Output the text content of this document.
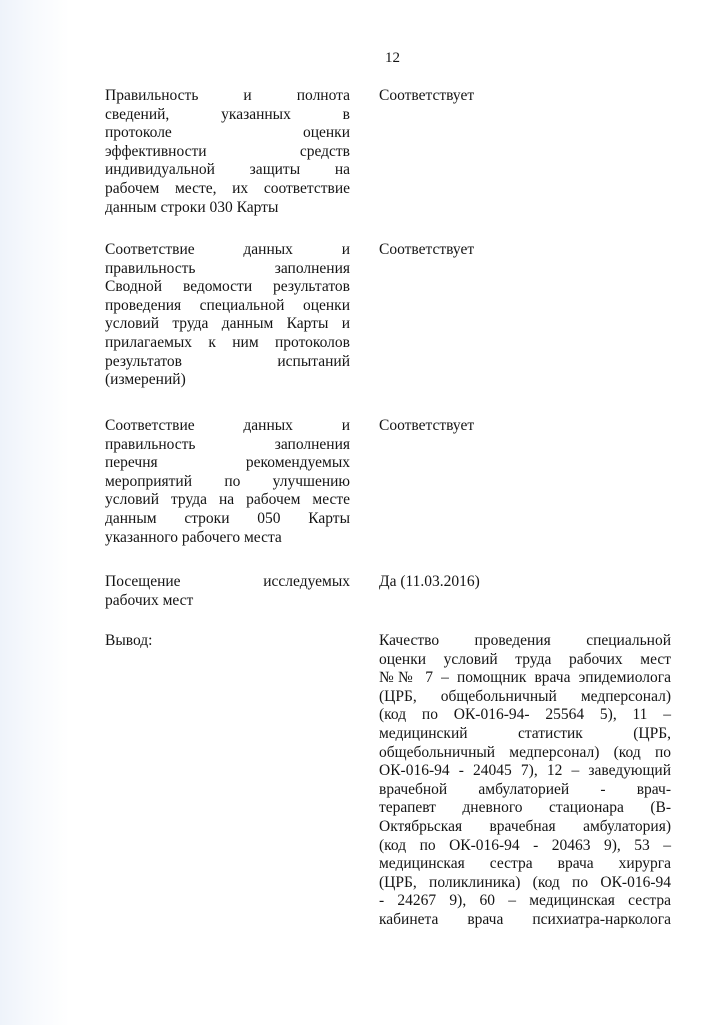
12
Правильность и полнота
сведений, указанных в
протоколе оценки
эффективности средств
индивидуальной защиты на
рабочем месте, их соответствие
данным строки 030 Карты
Соответствует
Соответствие данных и
правильность заполнения
Сводной ведомости результатов
проведения специальной оценки
условий труда данным Карты и
прилагаемых к ним протоколов
результатов испытаний
(измерений)
Соответствует
Соответствие данных и
правильность заполнения
перечня рекомендуемых
мероприятий по улучшению
условий труда на рабочем месте
данным строки 050 Карты
указанного рабочего места
Соответствует
Посещение исследуемых
рабочих мест
Да (11.03.2016)
Вывод:	Качество проведения специальной
оценки условий труда рабочих мест
№№ 7 – помощник врача эпидемиолога
(ЦРБ, общебольничный медперсонал)
(код по ОК-016-94- 25564 5), 11 –
медицинский статистик (ЦРБ,
общебольничный медперсонал) (код по
ОК-016-94 - 24045 7), 12 – заведующий
врачебной амбулаторией - врач-
терапевт дневного стационара (В-
Октябрьская врачебная амбулатория)
(код по ОК-016-94 - 20463 9), 53 –
медицинская сестра врача хирурга
(ЦРБ, поликлиника) (код по ОК-016-94
- 24267 9), 60 – медицинская сестра
кабинета врача психиатра-нарколога
